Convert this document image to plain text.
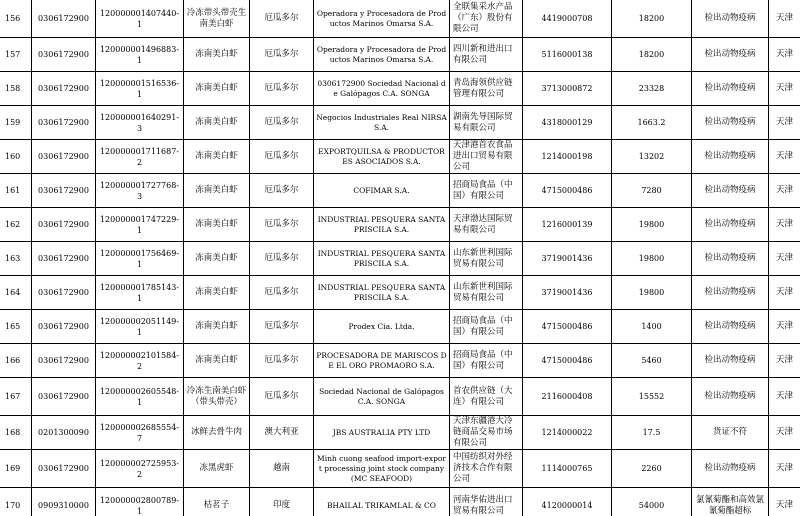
156	0306172900	120000001407440-1	冷冻带头带壳生南美白虾	厄瓜多尔	Operadora y Procesadora de Productos Marinos Omarsa S.A.	全联集采水产品（广东）股份有限公司	4419000708	18200	检出动物疫病	天津
157	0306172900	120000001496883-1	冻南美白虾	厄瓜多尔	Operadora y Procesadora de Productos Marinos Omarsa S.A.	四川新和进出口有限公司	5116000138	18200	检出动物疫病	天津
158	0306172900	120000001516536-1	冻南美白虾	厄瓜多尔	0306172900 Sociedad Nacional de Galópagos C.A. SONGA	青岛海领供应链管理有限公司	3713000872	23328	检出动物疫病	天津
159	0306172900	120000001640291-3	冻南美白虾	厄瓜多尔	Negocios Industriales Real NIRSA S.A.	湖南先导国际贸易有限公司	4318000129	1663.2	检出动物疫病	天津
160	0306172900	120000001711687-2	冻南美白虾	厄瓜多尔	EXPORTQUILSA & PRODUCTORES ASOCIADOS S.A.	天津港首农食品进出口贸易有限公司	1214000198	13202	检出动物疫病	天津
161	0306172900	120000001727768-3	冻南美白虾	厄瓜多尔	COFIMAR S.A.	招商局食品（中国）有限公司	4715000486	7280	检出动物疫病	天津
162	0306172900	120000001747229-1	冻南美白虾	厄瓜多尔	INDUSTRIAL PESQUERA SANTA PRISCILA S.A.	天津渤达国际贸易有限公司	1216000139	19800	检出动物疫病	天津
163	0306172900	120000001756469-1	冻南美白虾	厄瓜多尔	INDUSTRIAL PESQUERA SANTA PRISCILA S.A.	山东新世利国际贸易有限公司	3719001436	19800	检出动物疫病	天津
164	0306172900	120000001785143-1	冻南美白虾	厄瓜多尔	INDUSTRIAL PESQUERA SANTA PRISCILA S.A.	山东新世利国际贸易有限公司	3719001436	19800	检出动物疫病	天津
165	0306172900	120000002051149-1	冻南美白虾	厄瓜多尔	Prodex Cia. Ltda.	招商局食品（中国）有限公司	4715000486	1400	检出动物疫病	天津
166	0306172900	120000002101584-2	冻南美白虾	厄瓜多尔	PROCESADORA DE MARISCOS DE EL ORO PROMAORO S.A.	招商局食品（中国）有限公司	4715000486	5460	检出动物疫病	天津
167	0306172900	120000002605548-1	冷冻生南美白虾（带头带壳）	厄瓜多尔	Sociedad Nacional de Galópagos C.A. SONGA	首农供应链（大连）有限公司	2116000408	15552	检出动物疫病	天津
168	0201300090	120000002685554-7	冰鲜去骨牛肉	澳大利亚	JBS AUSTRALIA PTY LTD	天津东疆港大冷链商品交易市场有限公司	1214000022	17.5	货证不符	天津
169	0306172900	120000002725953-2	冻黑虎虾	越南	Minh cuong seafood import-export processing joint stock company (MC SEAFOOD)	中国纺织对外经济技术合作有限公司	1114000765	2260	检出动物疫病	天津
170	0909310000	120000002800789-1	枯茗子	印度	BHAILAL TRIKAMLAL & CO	河南华佑进出口贸易有限公司	4120000014	54000	氯氰菊酯和高效氯氰菊酯超标	天津
